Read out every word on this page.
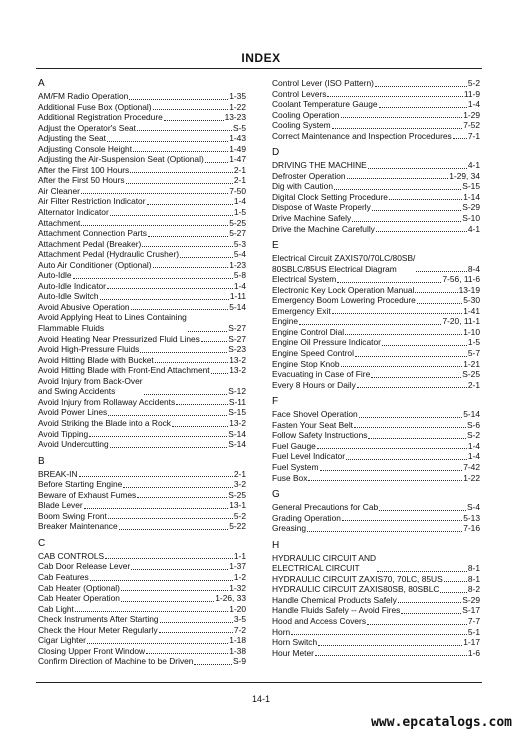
INDEX
A
AM/FM Radio Operation	1-35
Additional Fuse Box (Optional)	1-22
Additional Registration Procedure	13-23
Adjust the Operator's Seat	S-5
Adjusting the Seat	1-43
Adjusting Console Height	1-49
Adjusting the Air-Suspension Seat (Optional)	1-47
After the First 100 Hours	2-1
After the First 50 Hours	2-1
Air Cleaner	7-50
Air Filter Restriction Indicator	1-4
Alternator Indicator	1-5
Attachment	5-25
Attachment Connection Parts	5-27
Attachment Pedal (Breaker)	5-3
Attachment Pedal (Hydraulic Crusher)	5-4
Auto Air Conditioner (Optional)	1-23
Auto-Idle	5-8
Auto-Idle Indicator	1-4
Auto-Idle Switch	1-11
Avoid Abusive Operation	5-14
Avoid Applying Heat to Lines Containing
Flammable Fluids	S-27
Avoid Heating Near Pressurized Fluid Lines	S-27
Avoid High-Pressure Fluids	S-23
Avoid Hitting Blade with Bucket	13-2
Avoid Hitting Blade with Front-End Attachment 13-2
Avoid Injury from Back-Over
and Swing Accidents	S-12
Avoid Injury from Rollaway Accidents	S-11
Avoid Power Lines	S-15
Avoid Striking the Blade into a Rock	13-2
Avoid Tipping	S-14
Avoid Undercutting	S-14
B
BREAK-IN	2-1
Before Starting Engine	3-2
Beware of Exhaust Fumes	S-25
Blade Lever	13-1
Boom Swing Front	5-2
Breaker Maintenance	5-22
C
CAB CONTROLS	1-1
Cab Door Release Lever	1-37
Cab Features	1-2
Cab Heater (Optional)	1-32
Cab Heater Operation	1-26, 33
Cab Light	1-20
Check Instruments After Starting	3-5
Check the Hour Meter Regularly	7-2
Cigar Lighter	1-18
Closing Upper Front Window	1-38
Confirm Direction of Machine to be Driven	S-9
Control Lever (ISO Pattern)	5-2
Control Levers	11-9
Coolant Temperature Gauge	1-4
Cooling Operation	1-29
Cooling System	7-52
Correct Maintenance and Inspection Procedures 7-1
D
DRIVING THE MACHINE	4-1
Defroster Operation	1-29, 34
Dig with Caution	S-15
Digital Clock Setting Procedure	1-14
Dispose of Waste Properly	S-29
Drive Machine Safely	S-10
Drive the Machine Carefully	4-1
E
Electrical Circuit ZAXIS70/70LC/80SB/
80SBLC/85US Electrical Diagram	8-4
Electrical System	7-56, 11-6
Electronic Key Lock Operation Manual	13-19
Emergency Boom Lowering Procedure	5-30
Emergency Exit	1-41
Engine	7-20, 11-1
Engine Control Dial	1-10
Engine Oil Pressure Indicator	1-5
Engine Speed Control	5-7
Engine Stop Knob	1-21
Evacuating in Case of Fire	S-25
Every 8 Hours or Daily	2-1
F
Face Shovel Operation	5-14
Fasten Your Seat Belt	S-6
Follow Safety Instructions	S-2
Fuel Gauge	1-4
Fuel Level Indicator	1-4
Fuel System	7-42
Fuse Box	1-22
G
General Precautions for Cab	S-4
Grading Operation	5-13
Greasing	7-16
H
HYDRAULIC CIRCUIT AND
ELECTRICAL CIRCUIT	8-1
HYDRAULIC CIRCUIT ZAXIS70, 70LC, 85US	8-1
HYDRAULIC CIRCUIT ZAXIS80SB, 80SBLC	8-2
Handle Chemical Products Safely	S-29
Handle Fluids Safely -- Avoid Fires	S-17
Hood and Access Covers	7-7
Horn	5-1
Horn Switch	1-17
Hour Meter	1-6
14-1
www.epcatalogs.com
